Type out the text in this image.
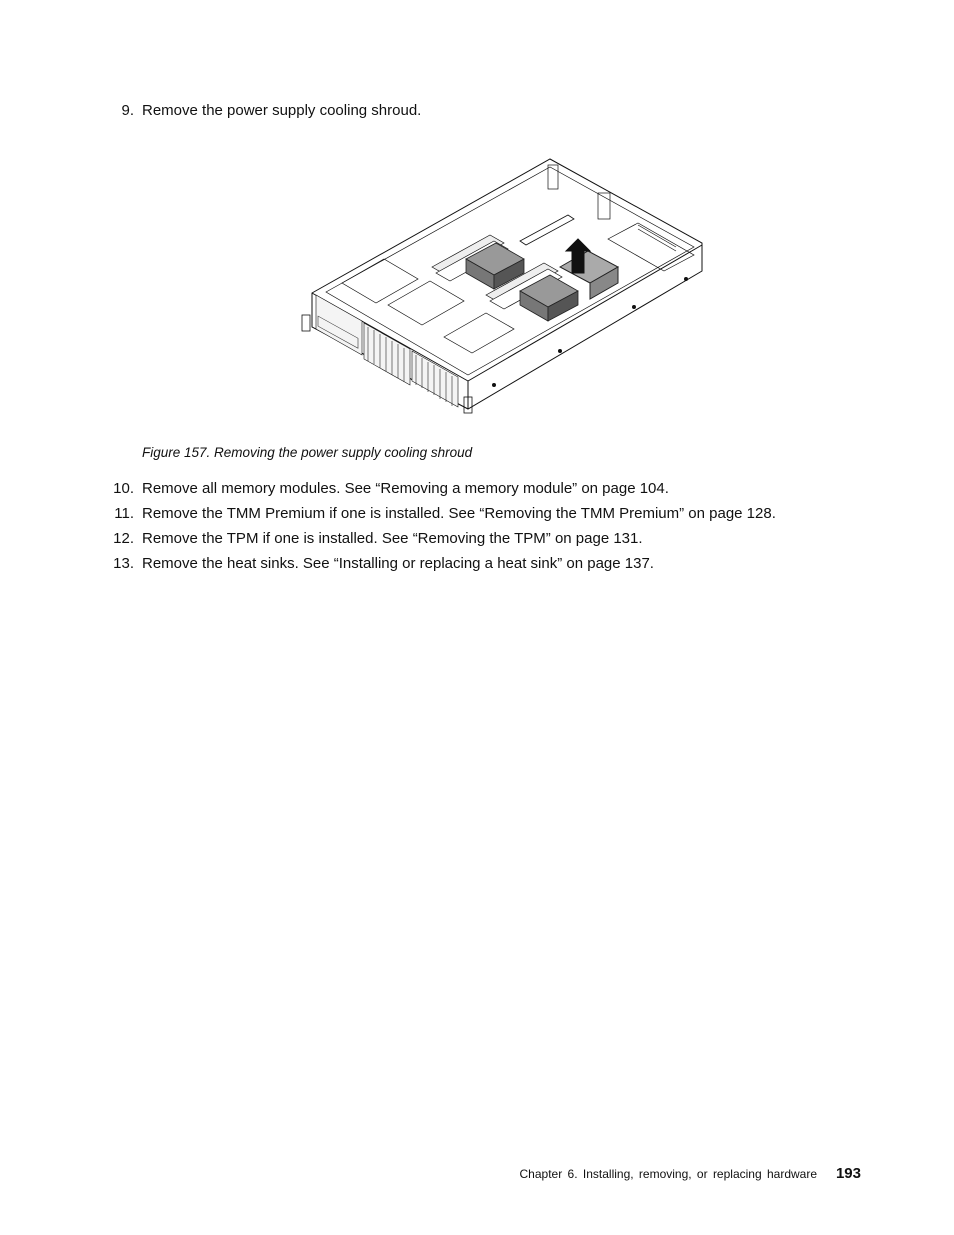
9. Remove the power supply cooling shroud.
Figure 157. Removing the power supply cooling shroud
10. Remove all memory modules. See “Removing a memory module” on page 104.
11. Remove the TMM Premium if one is installed. See “Removing the TMM Premium” on page 128.
12. Remove the TPM if one is installed. See “Removing the TPM” on page 131.
13. Remove the heat sinks. See “Installing or replacing a heat sink” on page 137.
Chapter 6. Installing, removing, or replacing hardware 193
